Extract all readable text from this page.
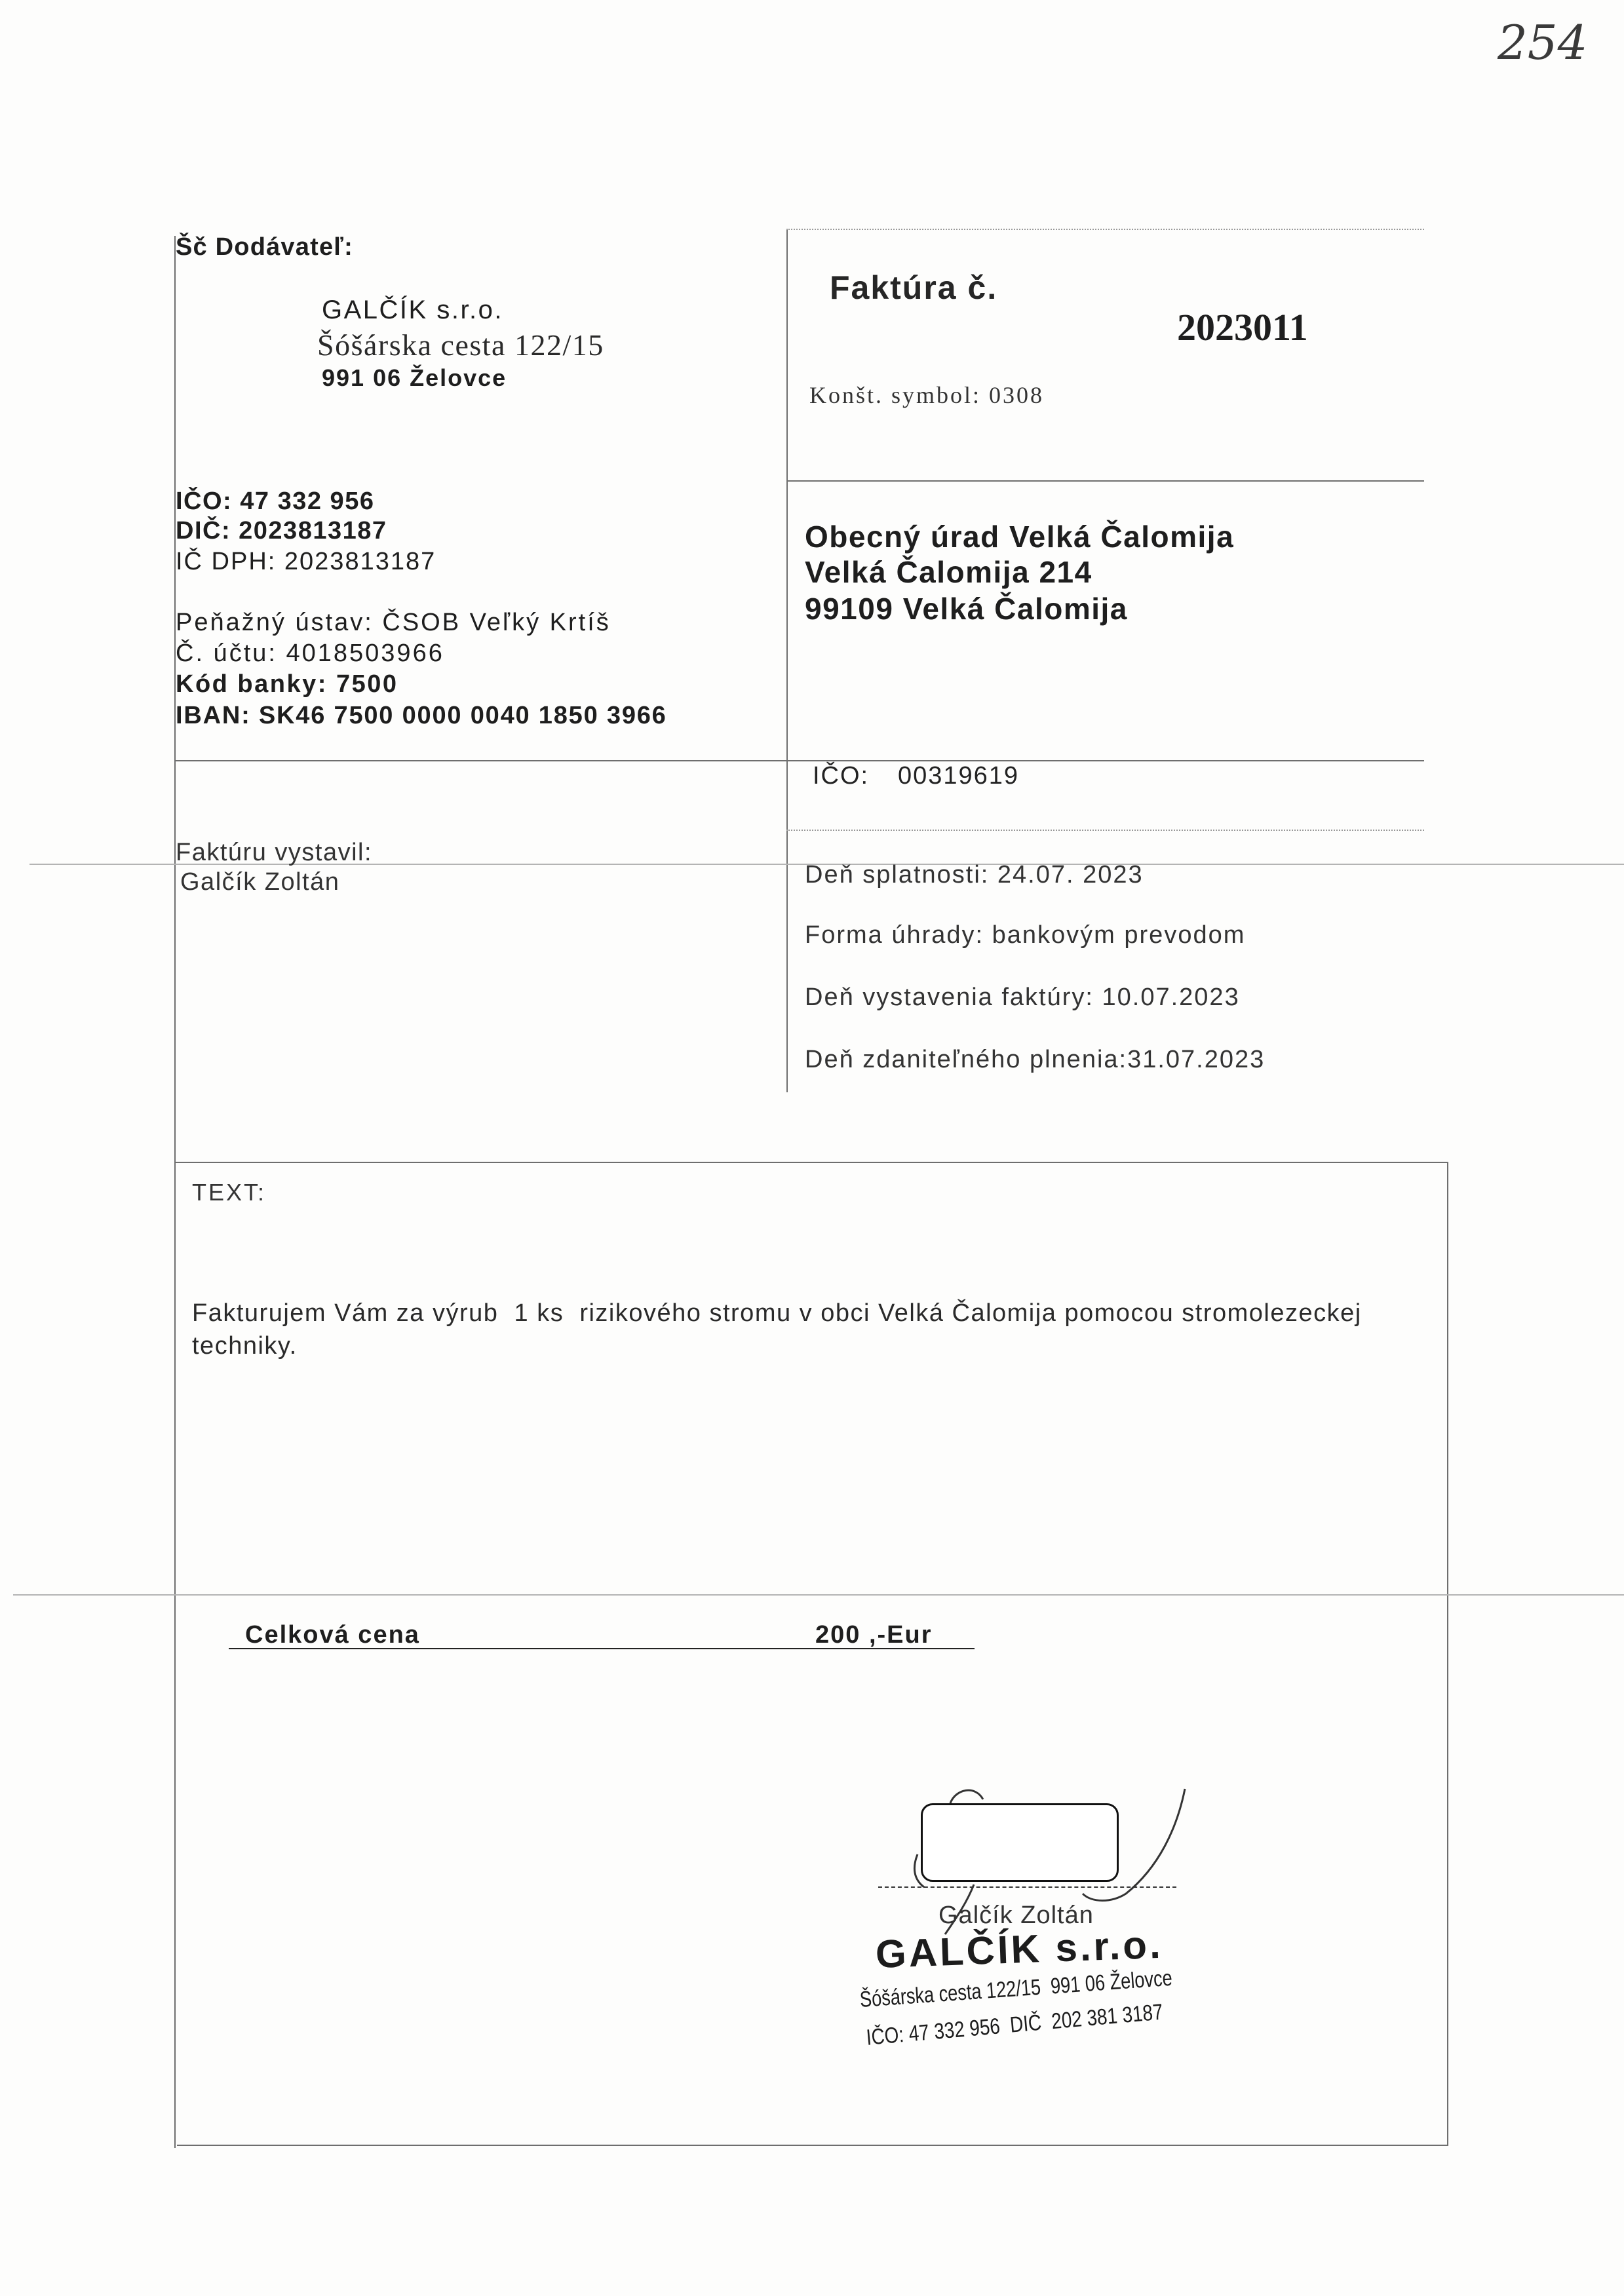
254
Šč Dodávateľ:
GALČÍK s.r.o.
Šóšárska cesta 122/15
991 06 Želovce
IČO: 47 332 956
DIČ: 2023813187
IČ DPH: 2023813187
Peňažný ústav: ČSOB Veľký Krtíš
Č. účtu: 4018503966
Kód banky: 7500
IBAN: SK46 7500 0000 0040 1850 3966
Faktúra č.
2023011
Konšt. symbol: 0308
Obecný úrad Velká Čalomija
Velká Čalomija 214
99109 Velká Čalomija
IČO: 00319619
Faktúru vystavil:
Galčík Zoltán	Deň splatnosti: 24.07. 2023
Forma úhrady: bankovým prevodom
Deň vystavenia faktúry: 10.07.2023
Deň zdaniteľného plnenia:31.07.2023
TEXT:
Fakturujem Vám za výrub  1 ks  rizikového stromu v obci Velká Čalomija pomocou stromolezeckej
techniky.
Celková cena	200 ,-Eur
Galčík Zoltán
GALČÍK s.r.o.
Šóšárska cesta 122/15  991 06 Želovce
IČO: 47 332 956  DIČ  202 381 3187
